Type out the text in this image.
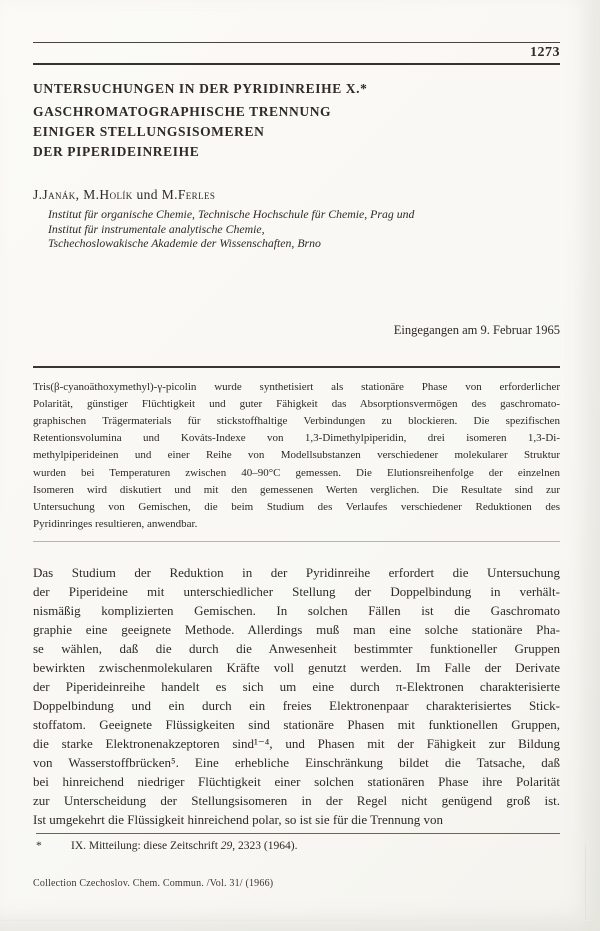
1273
UNTERSUCHUNGEN IN DER PYRIDINREIHE X.*
GASCHROMATOGRAPHISCHE TRENNUNG
EINIGER STELLUNGSISOMEREN
DER PIPERIDEINREIHE
J.Janák, M.Holík und M.Ferles
Institut für organische Chemie, Technische Hochschule für Chemie, Prag und
Institut für instrumentale analytische Chemie,
Tschechoslowakische Akademie der Wissenschaften, Brno
Eingegangen am 9. Februar 1965
Tris(β-cyanoäthoxymethyl)-γ-picolin wurde synthetisiert als stationäre Phase von erforderlicher
Polarität, günstiger Flüchtigkeit und guter Fähigkeit das Absorptionsvermögen des gaschromato-
graphischen Trägermaterials für stickstoffhaltige Verbindungen zu blockieren. Die spezifischen
Retentionsvolumina und Kováts-Indexe von 1,3-Dimethylpiperidin, drei isomeren 1,3-Di-
methylpiperideinen und einer Reihe von Modellsubstanzen verschiedener molekularer Struktur
wurden bei Temperaturen zwischen 40–90°C gemessen. Die Elutionsreihenfolge der einzelnen
Isomeren wird diskutiert und mit den gemessenen Werten verglichen. Die Resultate sind zur
Untersuchung von Gemischen, die beim Studium des Verlaufes verschiedener Reduktionen des
Pyridinringes resultieren, anwendbar.
Das Studium der Reduktion in der Pyridinreihe erfordert die Untersuchung
der Piperideine mit unterschiedlicher Stellung der Doppelbindung in verhält-
nismäßig komplizierten Gemischen. In solchen Fällen ist die Gaschromato
graphie eine geeignete Methode. Allerdings muß man eine solche stationäre Pha-
se wählen, daß die durch die Anwesenheit bestimmter funktioneller Gruppen
bewirkten zwischenmolekularen Kräfte voll genutzt werden. Im Falle der Derivate
der Piperideinreihe handelt es sich um eine durch π-Elektronen charakterisierte
Doppelbindung und ein durch ein freies Elektronenpaar charakterisiertes Stick-
stoffatom. Geeignete Flüssigkeiten sind stationäre Phasen mit funktionellen Gruppen,
die starke Elektronenakzeptoren sind¹⁻⁴, und Phasen mit der Fähigkeit zur Bildung
von Wasserstoffbrücken⁵. Eine erhebliche Einschränkung bildet die Tatsache, daß
bei hinreichend niedriger Flüchtigkeit einer solchen stationären Phase ihre Polarität
zur Unterscheidung der Stellungsisomeren in der Regel nicht genügend groß ist.
Ist umgekehrt die Flüssigkeit hinreichend polar, so ist sie für die Trennung von
*	IX. Mitteilung: diese Zeitschrift 29, 2323 (1964).
Collection Czechoslov. Chem. Commun. /Vol. 31/ (1966)
